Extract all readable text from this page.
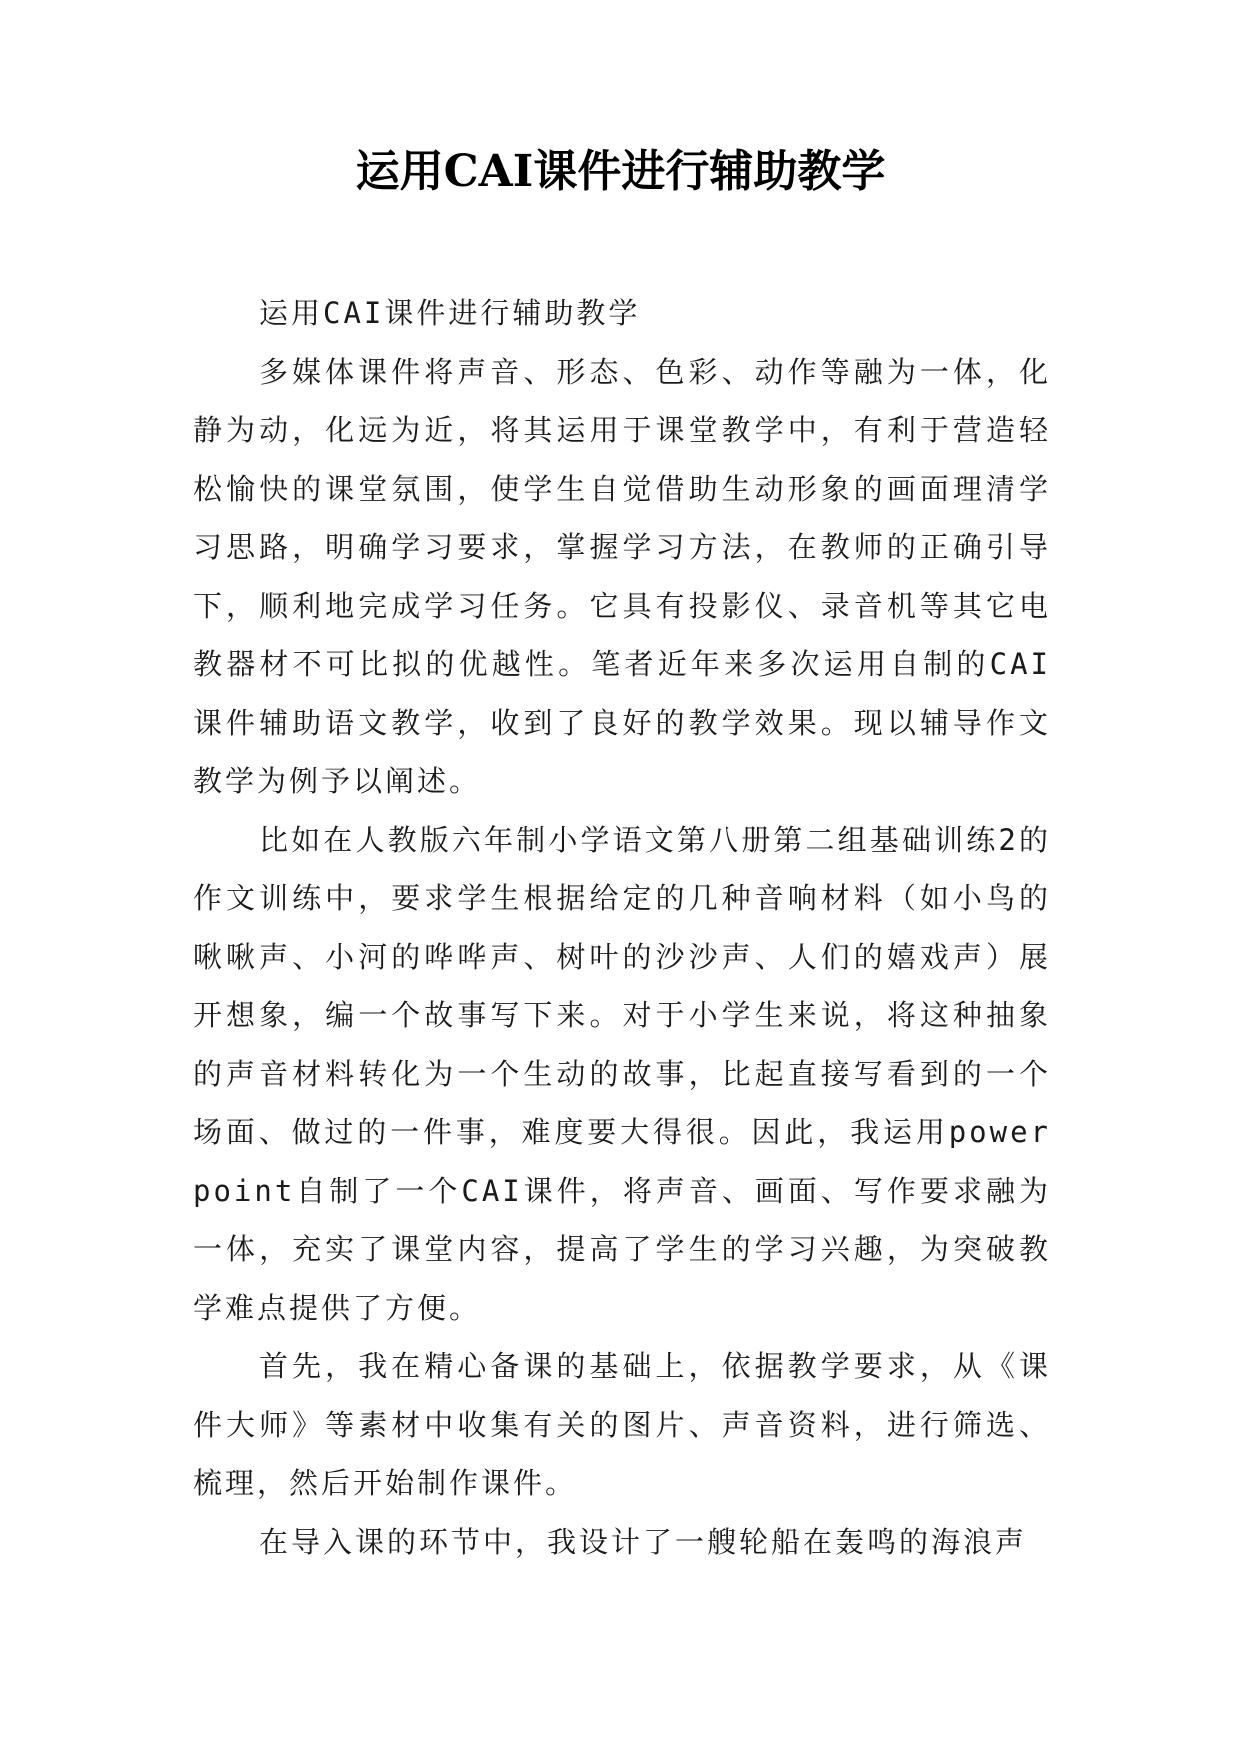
运用CAI课件进行辅助教学

运用CAI课件进行辅助教学

多媒体课件将声音、形态、色彩、动作等融为一体，化静为动，化远为近，将其运用于课堂教学中，有利于营造轻松愉快的课堂氛围，使学生自觉借助生动形象的画面理清学习思路，明确学习要求，掌握学习方法，在教师的正确引导下，顺利地完成学习任务。它具有投影仪、录音机等其它电教器材不可比拟的优越性。笔者近年来多次运用自制的CAI课件辅助语文教学，收到了良好的教学效果。现以辅导作文教学为例予以阐述。

比如在人教版六年制小学语文第八册第二组基础训练2的作文训练中，要求学生根据给定的几种音响材料（如小鸟的啾啾声、小河的哗哗声、树叶的沙沙声、人们的嬉戏声）展开想象，编一个故事写下来。对于小学生来说，将这种抽象的声音材料转化为一个生动的故事，比起直接写看到的一个场面、做过的一件事，难度要大得很。因此，我运用powerpoint自制了一个CAI课件，将声音、画面、写作要求融为一体，充实了课堂内容，提高了学生的学习兴趣，为突破教学难点提供了方便。

首先，我在精心备课的基础上，依据教学要求，从《课件大师》等素材中收集有关的图片、声音资料，进行筛选、梳理，然后开始制作课件。

在导入课的环节中，我设计了一艘轮船在轰鸣的海浪声
